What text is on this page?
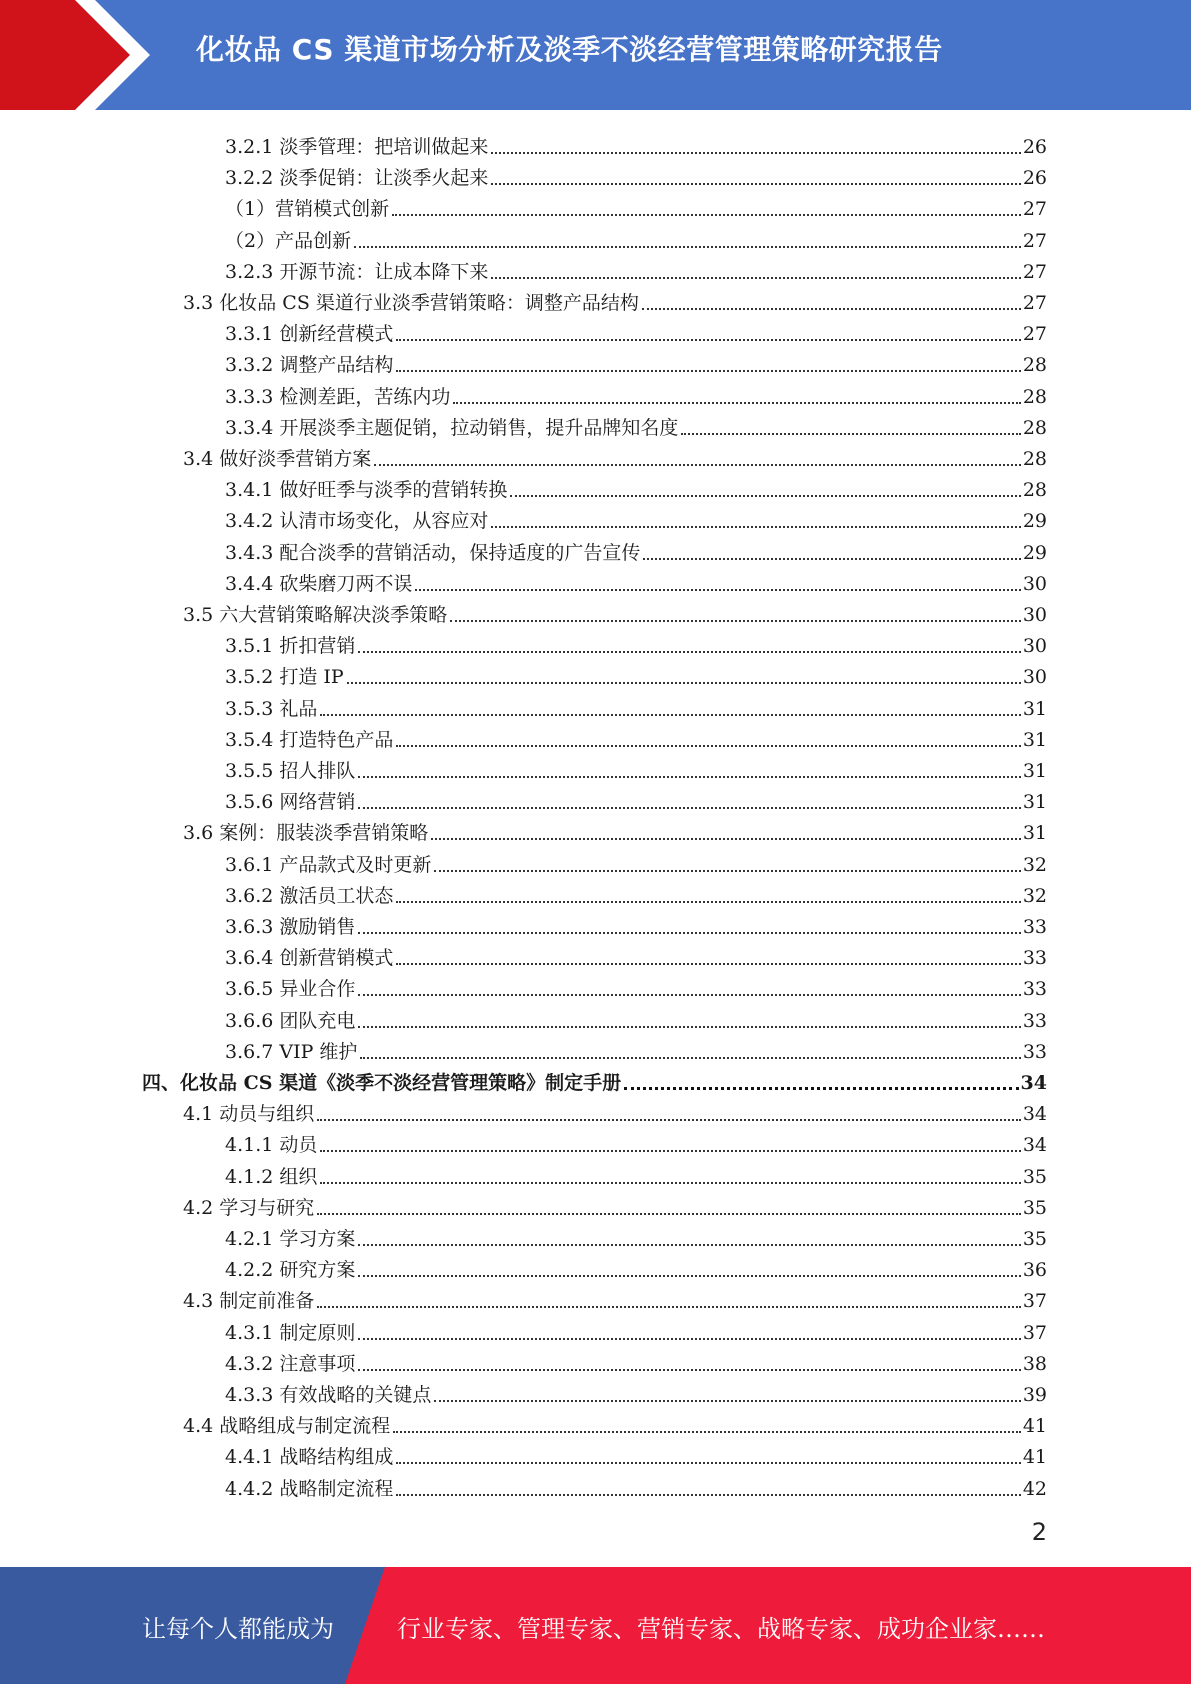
化妆品 CS 渠道市场分析及淡季不淡经营管理策略研究报告
3.2.1 淡季管理：把培训做起来	26
3.2.2 淡季促销：让淡季火起来	26
（1）营销模式创新	27
（2）产品创新	27
3.2.3 开源节流：让成本降下来	27
3.3 化妆品 CS 渠道行业淡季营销策略：调整产品结构	27
3.3.1 创新经营模式	27
3.3.2 调整产品结构	28
3.3.3 检测差距，苦练内功	28
3.3.4 开展淡季主题促销，拉动销售，提升品牌知名度	28
3.4 做好淡季营销方案	28
3.4.1 做好旺季与淡季的营销转换	28
3.4.2 认清市场变化，从容应对	29
3.4.3 配合淡季的营销活动，保持适度的广告宣传	29
3.4.4 砍柴磨刀两不误	30
3.5 六大营销策略解决淡季策略	30
3.5.1 折扣营销	30
3.5.2 打造 IP	30
3.5.3 礼品	31
3.5.4 打造特色产品	31
3.5.5 招人排队	31
3.5.6 网络营销	31
3.6 案例：服装淡季营销策略	31
3.6.1 产品款式及时更新	32
3.6.2 激活员工状态	32
3.6.3 激励销售	33
3.6.4 创新营销模式	33
3.6.5 异业合作	33
3.6.6 团队充电	33
3.6.7 VIP 维护	33
四、化妆品 CS 渠道《淡季不淡经营管理策略》制定手册	34
4.1 动员与组织	34
4.1.1 动员	34
4.1.2 组织	35
4.2 学习与研究	35
4.2.1 学习方案	35
4.2.2 研究方案	36
4.3 制定前准备	37
4.3.1 制定原则	37
4.3.2 注意事项	38
4.3.3 有效战略的关键点	39
4.4 战略组成与制定流程	41
4.4.1 战略结构组成	41
4.4.2 战略制定流程	42
2
让每个人都能成为	行业专家、管理专家、营销专家、战略专家、成功企业家……
